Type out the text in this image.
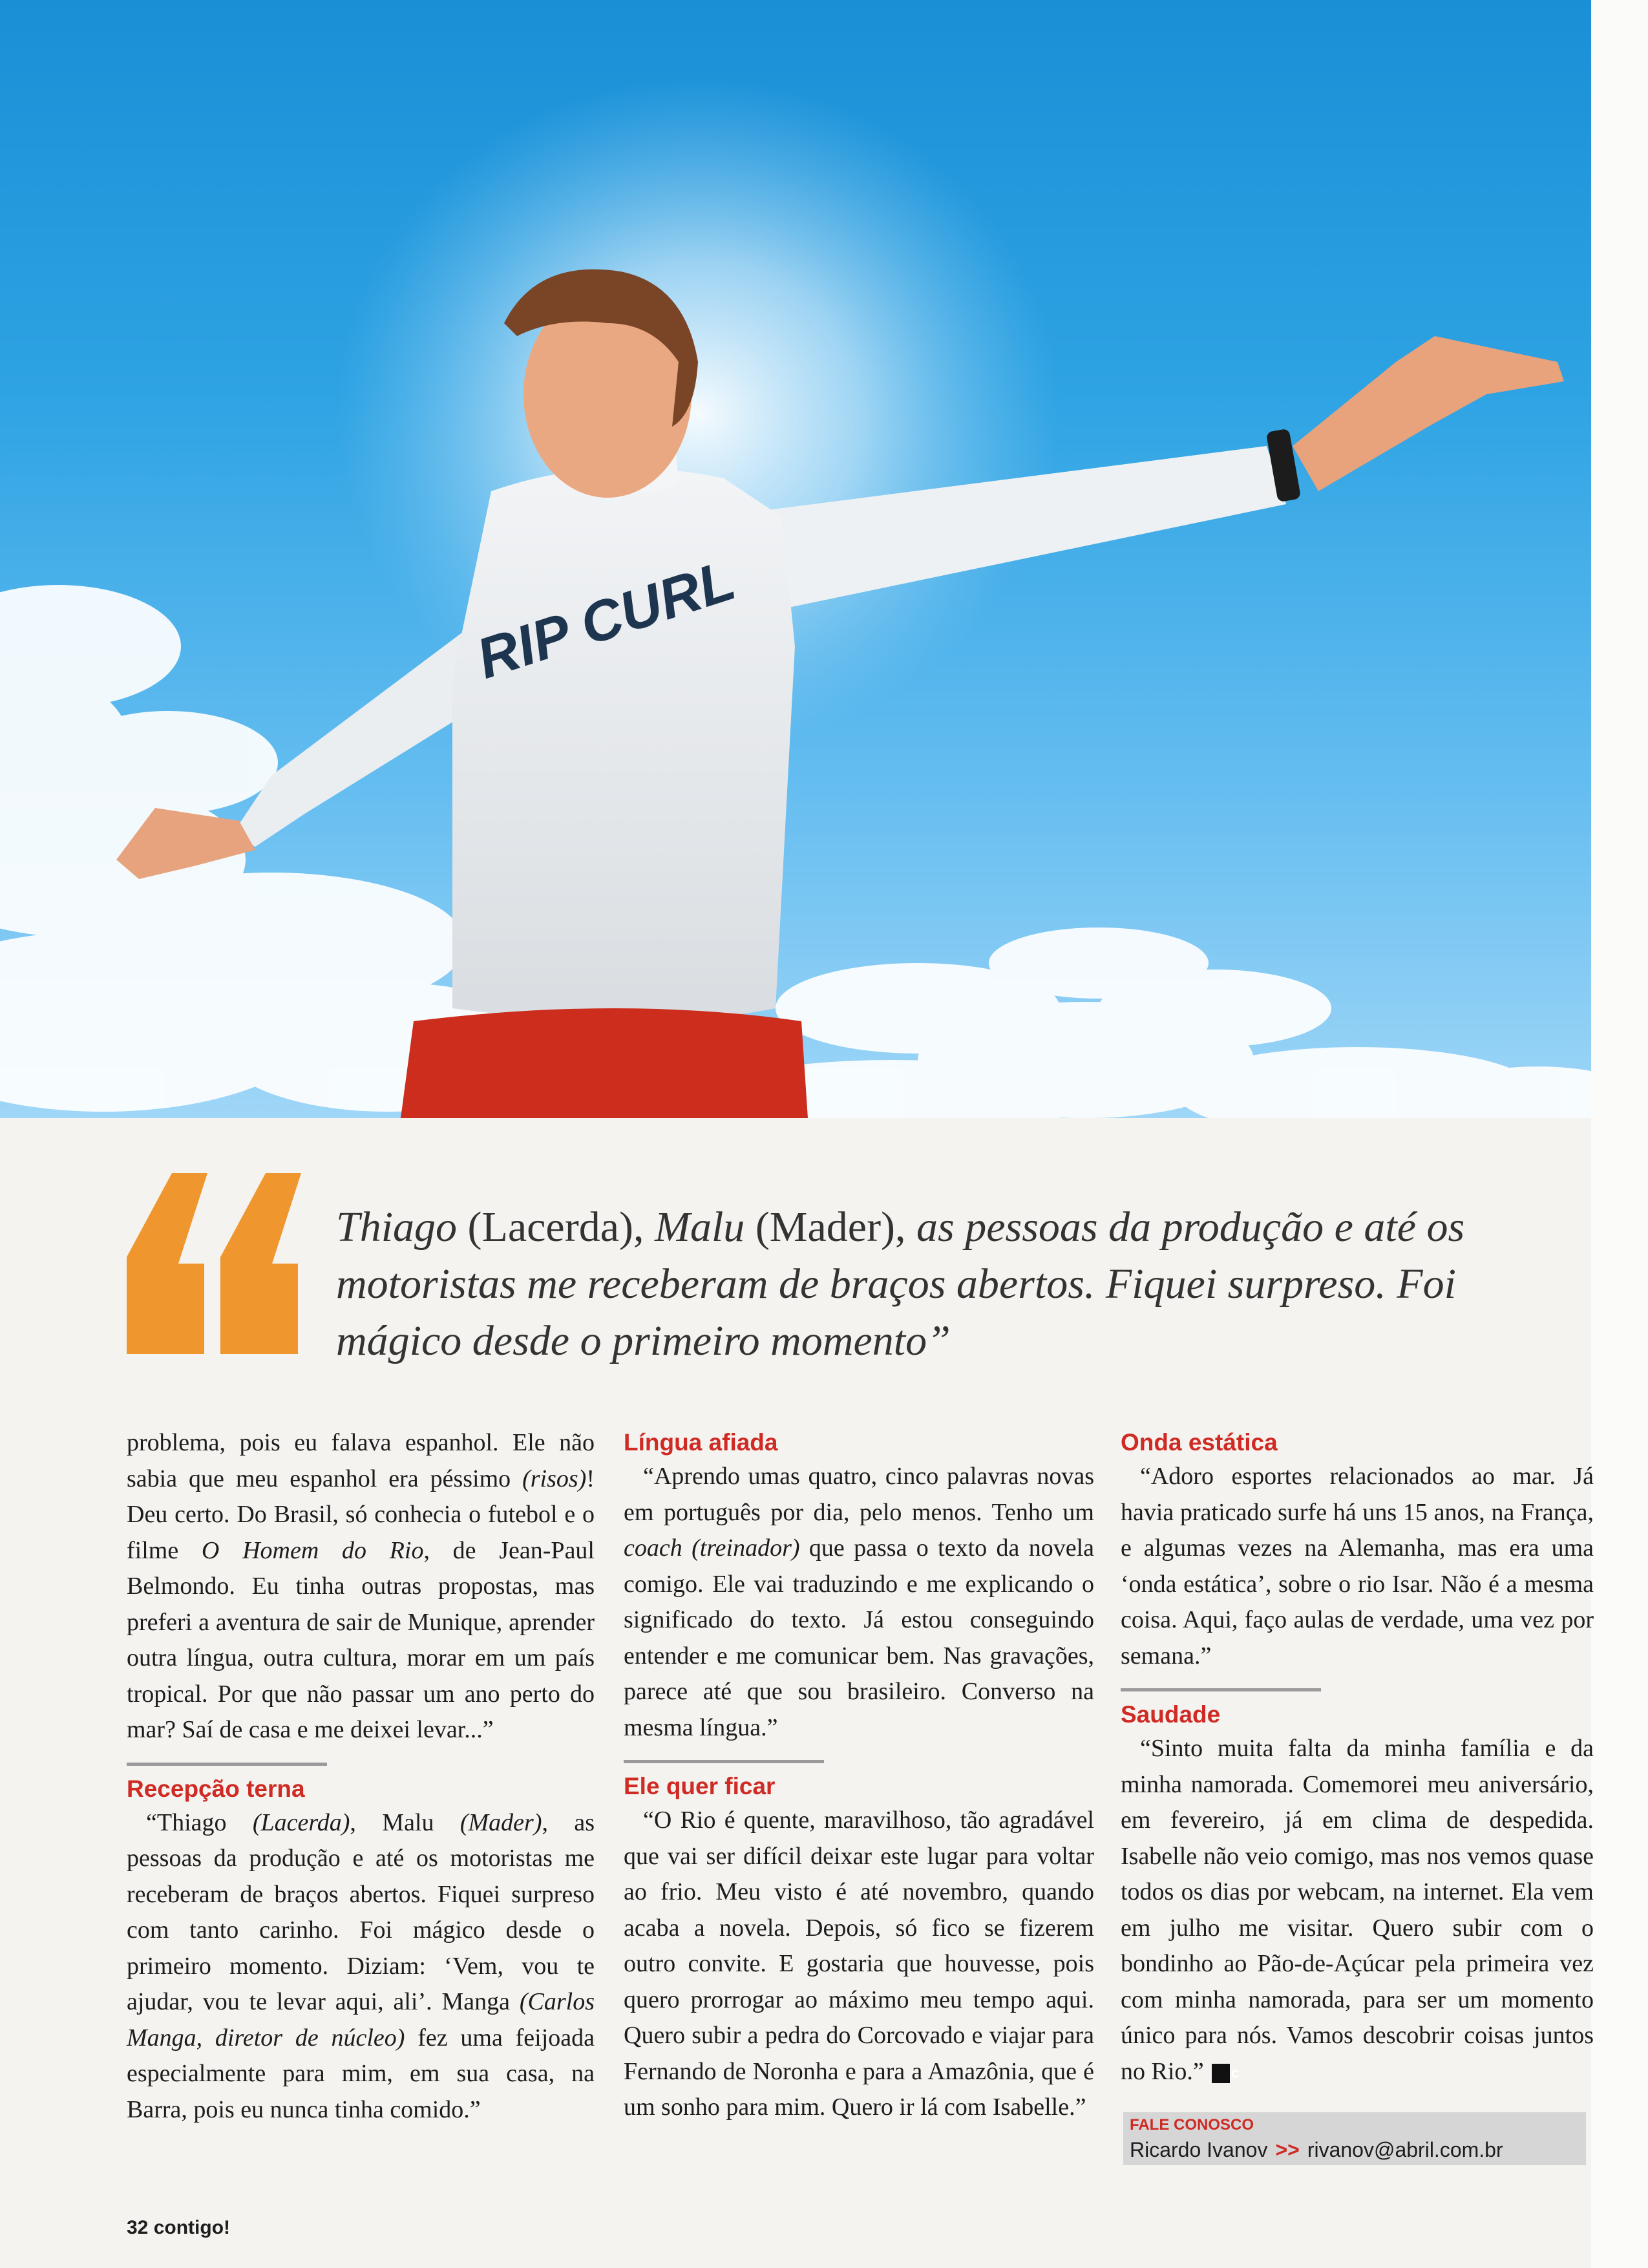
RIP CURL

Thiago (Lacerda), Malu (Mader), as pessoas da produção e até os motoristas me receberam de braços abertos. Fiquei surpreso. Foi mágico desde o primeiro momento”

problema, pois eu falava espanhol. Ele não sabia que meu espanhol era péssimo (risos)! Deu certo. Do Brasil, só conhecia o futebol e o filme O Homem do Rio, de Jean-Paul Belmondo. Eu tinha outras propostas, mas preferi a aventura de sair de Munique, aprender outra língua, outra cultura, morar em um país tropical. Por que não passar um ano perto do mar? Saí de casa e me deixei levar...”

Recepção terna

“Thiago (Lacerda), Malu (Mader), as pessoas da produção e até os motoristas me receberam de braços abertos. Fiquei surpreso com tanto carinho. Foi mágico desde o primeiro momento. Diziam: ‘Vem, vou te ajudar, vou te levar aqui, ali’. Manga (Carlos Manga, diretor de núcleo) fez uma feijoada especialmente para mim, em sua casa, na Barra, pois eu nunca tinha comido.”

Língua afiada

“Aprendo umas quatro, cinco palavras novas em português por dia, pelo menos. Tenho um coach (treinador) que passa o texto da novela comigo. Ele vai traduzindo e me explicando o significado do texto. Já estou conseguindo entender e me comunicar bem. Nas gravações, parece até que sou brasileiro. Converso na mesma língua.”

Ele quer ficar

“O Rio é quente, maravilhoso, tão agradável que vai ser difícil deixar este lugar para voltar ao frio. Meu visto é até novembro, quando acaba a novela. Depois, só fico se fizerem outro convite. E gostaria que houvesse, pois quero prorrogar ao máximo meu tempo aqui. Quero subir a pedra do Corcovado e viajar para Fernando de Noronha e para a Amazônia, que é um sonho para mim. Quero ir lá com Isabelle.”

Onda estática

“Adoro esportes relacionados ao mar. Já havia praticado surfe há uns 15 anos, na França, e algumas vezes na Alemanha, mas era uma ‘onda estática’, sobre o rio Isar. Não é a mesma coisa. Aqui, faço aulas de verdade, uma vez por semana.”

Saudade

“Sinto muita falta da minha família e da minha namorada. Comemorei meu aniversário, em fevereiro, já em clima de despedida. Isabelle não veio comigo, mas nos vemos quase todos os dias por webcam, na internet. Ela vem em julho me visitar. Quero subir com o bondinho ao Pão-de-Açúcar pela primeira vez com minha namorada, para ser um momento único para nós. Vamos descobrir coisas juntos no Rio.” c

FALE CONOSCO
Ricardo Ivanov >> rivanov@abril.com.br
32 contigo!
